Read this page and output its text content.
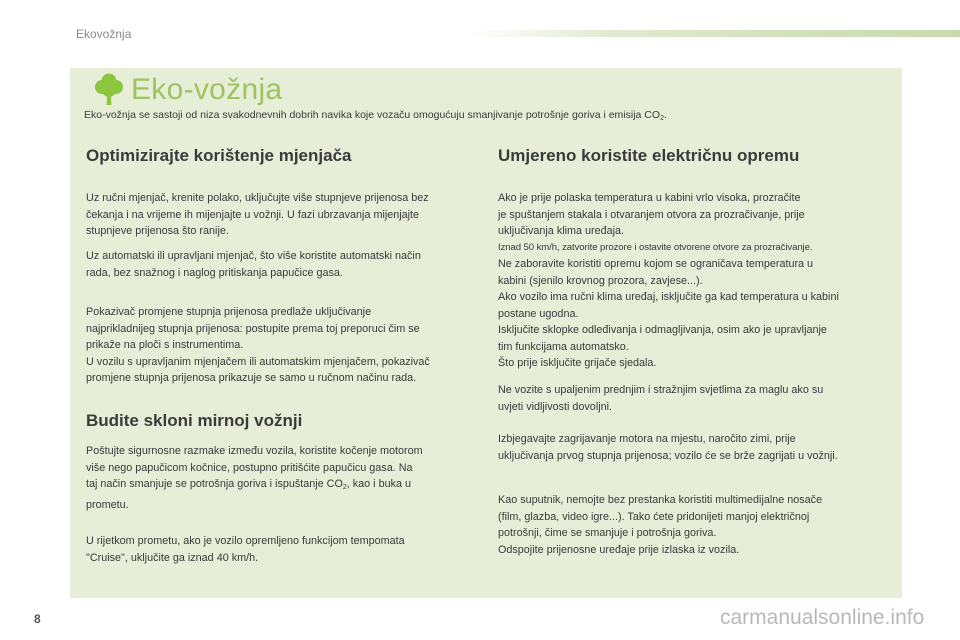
Ekovožnja
Eko-vožnja
Eko-vožnja se sastoji od niza svakodnevnih dobrih navika koje vozaču omogućuju smanjivanje potrošnje goriva i emisija $CO_2$.
Optimizirajte korištenje mjenjača
Uz ručni mjenjač, krenite polako, uključujte više stupnjeve prijenosa bez
čekanja i na vrijeme ih mijenjajte u vožnji. U fazi ubrzavanja mijenjajte
stupnjeve prijenosa što ranije.
Uz automatski ili upravljani mjenjač, što više koristite automatski način
rada, bez snažnog i naglog pritiskanja papučice gasa.
Pokazivač promjene stupnja prijenosa predlaže uključivanje
najprikladnijeg stupnja prijenosa: postupite prema toj preporuci čim se
prikaže na ploči s instrumentima.
U vozilu s upravljanim mjenjačem ili automatskim mjenjačem, pokazivač
promjene stupnja prijenosa prikazuje se samo u ručnom načinu rada.
Budite skloni mirnoj vožnji
Poštujte sigurnosne razmake između vozila, koristite kočenje motorom
više nego papučicom kočnice, postupno pritišćite papučicu gasa. Na
taj način smanjuje se potrošnja goriva i ispuštanje $CO_2$, kao i buka u
prometu.
U rijetkom prometu, ako je vozilo opremljeno funkcijom tempomata
"Cruise", uključite ga iznad 40 km/h.
Umjereno koristite električnu opremu
Ako je prije polaska temperatura u kabini vrlo visoka, prozračite
je spuštanjem stakala i otvaranjem otvora za prozračivanje, prije
uključivanja klima uređaja.
Iznad 50 km/h, zatvorite prozore i ostavite otvorene otvore za prozračivanje.
Ne zaboravite koristiti opremu kojom se ograničava temperatura u
kabini (sjenilo krovnog prozora, zavjese...).
Ako vozilo ima ručni klima uređaj, isključite ga kad temperatura u kabini
postane ugodna.
Isključite sklopke odleđivanja i odmagljivanja, osim ako je upravljanje
tim funkcijama automatsko.
Što prije isključite grijače sjedala.
Ne vozite s upaljenim prednjim i stražnjim svjetlima za maglu ako su
uvjeti vidljivosti dovoljni.
Izbjegavajte zagrijavanje motora na mjestu, naročito zimi, prije
uključivanja prvog stupnja prijenosa; vozilo će se brže zagrijati u vožnji.
Kao suputnik, nemojte bez prestanka koristiti multimedijalne nosače
(film, glazba, video igre...). Tako ćete pridonijeti manjoj električnoj
potrošnji, čime se smanjuje i potrošnja goriva.
Odspojite prijenosne uređaje prije izlaska iz vozila.
8	carmanualsonline.info
